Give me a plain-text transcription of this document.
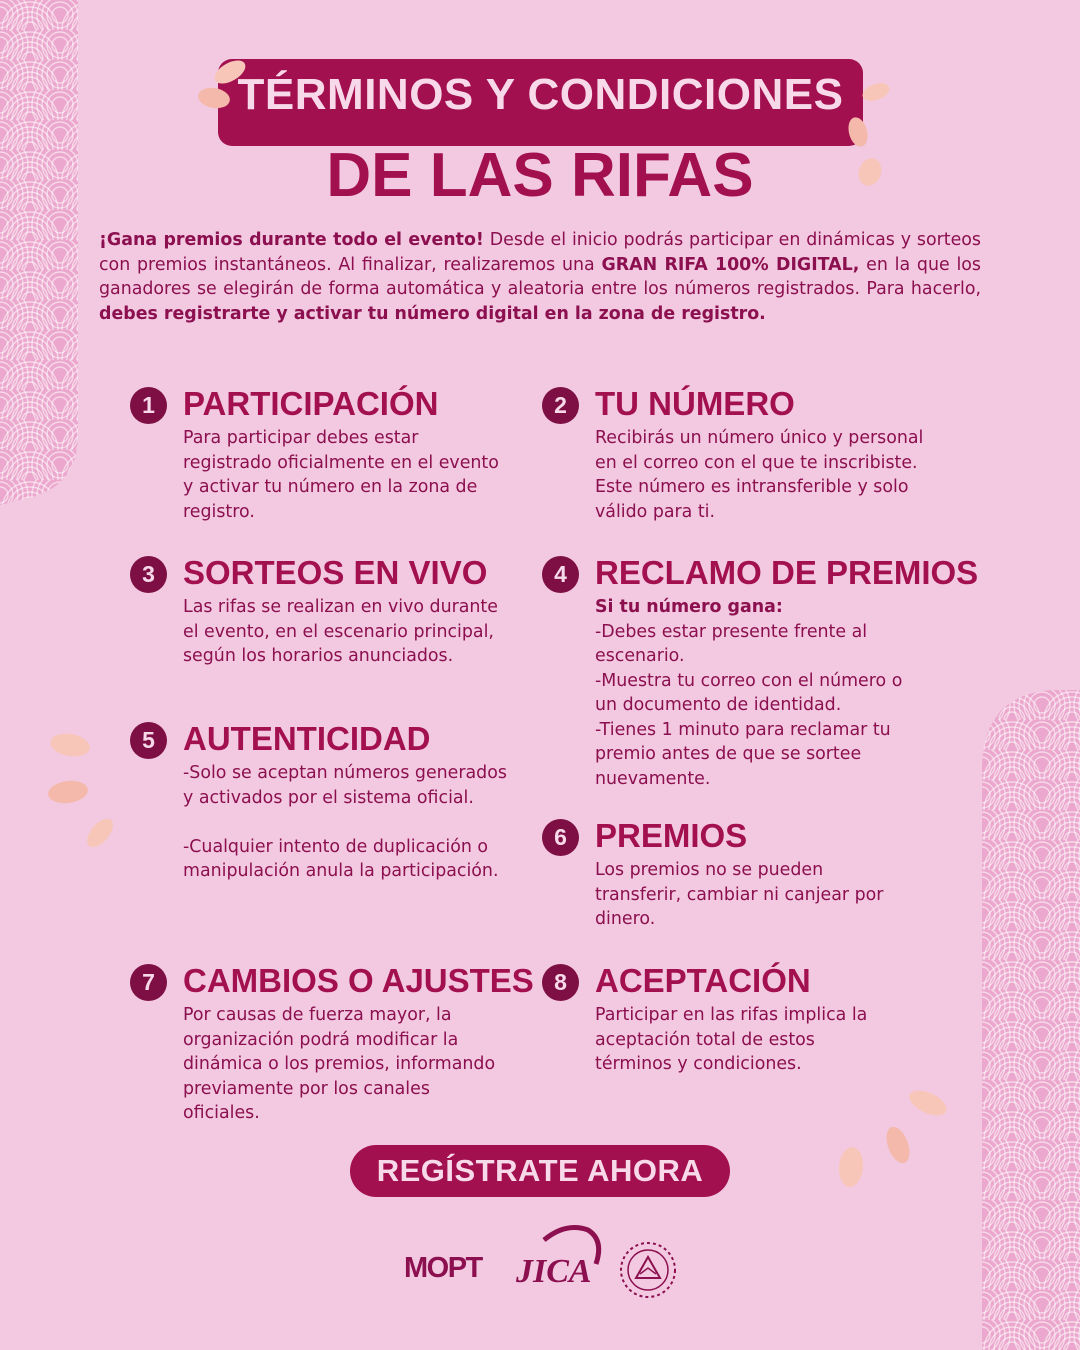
TÉRMINOS Y CONDICIONES
DE LAS RIFAS
¡Gana premios durante todo el evento! Desde el inicio podrás participar en dinámicas y sorteos con premios instantáneos. Al finalizar, realizaremos una GRAN RIFA 100% DIGITAL, en la que los ganadores se elegirán de forma automática y aleatoria entre los números registrados. Para hacerlo, debes registrarte y activar tu número digital en la zona de registro.
1 PARTICIPACIÓN

Para participar debes estar registrado oficialmente en el evento y activar tu número en la zona de registro.

2 TU NÚMERO

Recibirás un número único y personal en el correo con el que te inscribiste. Este número es intransferible y solo válido para ti.

3 SORTEOS EN VIVO

Las rifas se realizan en vivo durante el evento, en el escenario principal, según los horarios anunciados.

4 RECLAMO DE PREMIOS

Si tu número gana:

-Debes estar presente frente al escenario.

-Muestra tu correo con el número o un documento de identidad.

-Tienes 1 minuto para reclamar tu premio antes de que se sortee nuevamente.

5 AUTENTICIDAD

-Solo se aceptan números generados y activados por el sistema oficial.

-Cualquier intento de duplicación o manipulación anula la participación.

6 PREMIOS

Los premios no se pueden transferir, cambiar ni canjear por dinero.

7 CAMBIOS O AJUSTES

Por causas de fuerza mayor, la organización podrá modificar la dinámica o los premios, informando previamente por los canales oficiales.

8 ACEPTACIÓN

Participar en las rifas implica la aceptación total de estos términos y condiciones.

REGÍSTRATE AHORA
MOPT JICA
